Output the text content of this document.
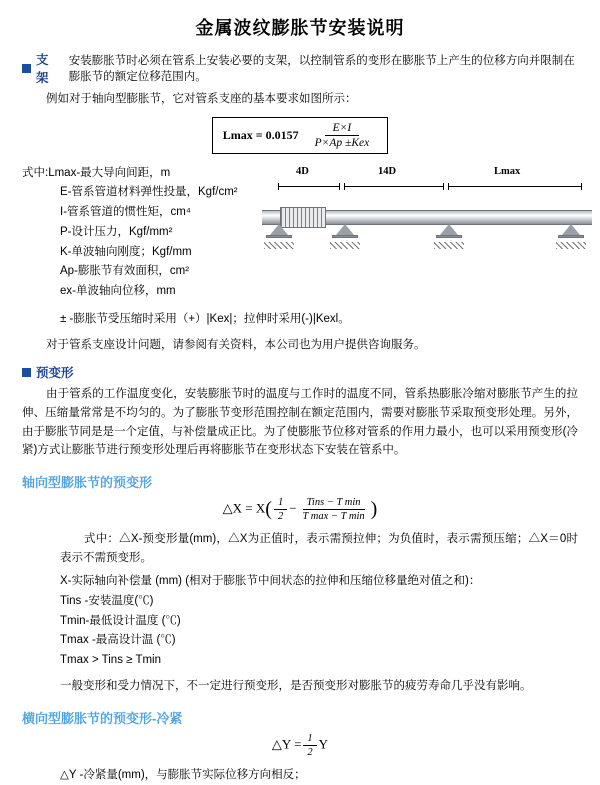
金属波纹膨胀节安装说明
支架
安装膨胀节时必须在管系上安装必要的支架，以控制管系的变形在膨胀节上产生的位移方向并限制在膨胀节的额定位移范围内。

例如对于轴向型膨胀节，它对管系支座的基本要求如图所示：

$Lmax = 0.0157 \frac{E\times I}{\text{P×Ap ±Kex}}$
式中:Lmax-最大导向间距，m
E-管系管道材料弹性投量，Kgf/cm²
I-管系管道的惯性矩，cm⁴
P-设计压力，Kgf/mm²
K-单波轴向刚度；Kgf/mm
Ap-膨胀节有效面积，cm²
ex-单波轴向位移，mm
4D	14D	Lmax
± -膨胀节受压缩时采用（+）|Kex|；拉伸时采用(-)|Kexl。

对于管系支座设计问题，请参阅有关资料，本公司也为用户提供咨询服务。

预变形

由于管系的工作温度变化，安装膨胀节时的温度与工作时的温度不同，管系热膨胀冷缩对膨胀节产生的拉伸、压缩量常常是不均匀的。为了膨胀节变形范围控制在额定范围内，需要对膨胀节采取预变形处理。另外，由于膨胀节同是是一个定值，与补偿量成正比。为了使膨胀节位移对管系的作用力最小，也可以采用预变形(冷紧)方式让膨胀节进行预变形处理后再将膨胀节在变形状态下安装在管系中。

轴向型膨胀节的预变形
△X = $X( \frac{1}{2} - \frac{\text{Tins − T min}}{\text{T max − T min}}$ )

式中：△X-预变形量(mm)，△X为正值时，表示需预拉伸；为负值时，表示需预压缩；△X＝0时表示不需预变形。

X-实际轴向补偿量 (mm) (相对于膨胀节中间状态的拉伸和压缩位移量绝对值之和)：
Tins -安装温度(℃)
Tmin-最低设计温度 (℃)
Tmax -最高设计温 (℃)
Tmax > Tins ≥ Tmin

一般变形和受力情况下，不一定进行预变形，是否预变形对膨胀节的疲劳寿命几乎没有影响。

横向型膨胀节的预变形-冷紧
△Y = $\frac{1}{2}$ Y
△Y -冷紧量(mm)，与膨胀节实际位移方向相反；
